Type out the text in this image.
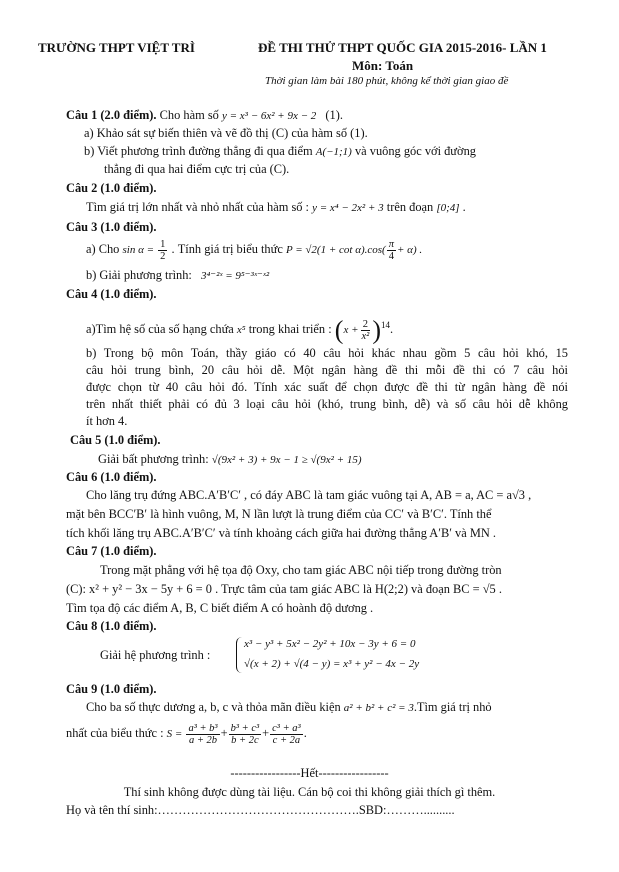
TRƯỜNG THPT VIỆT TRÌ	ĐỀ THI THỬ THPT QUỐC GIA 2015-2016- LẦN 1
Môn: Toán
Thời gian làm bài 180 phút, không kể thời gian giao đề
Câu 1 (2.0 điểm). Cho hàm số y = x³ − 6x² + 9x − 2 (1).
a) Khảo sát sự biến thiên và vẽ đồ thị (C) của hàm số (1).
b) Viết phương trình đường thẳng đi qua điểm A(−1;1) và vuông góc với đường
thẳng đi qua hai điểm cực trị của (C).
Câu 2 (1.0 điểm).
Tìm giá trị lớn nhất và nhỏ nhất của hàm số : y = x⁴ − 2x² + 3 trên đoạn [0;4] .
Câu 3 (1.0 điểm).
a) Cho $\sin \alpha = \frac{1}{2}$ . Tính giá trị biểu thức $P = √2(1 + \cot \alpha).\cos( \frac{\pi}{4} + \alpha)$ .
b) Giải phương trình: 3⁴⁻²ˣ = 9⁵⁻³ˣ⁻ˣ²
Câu 4 (1.0 điểm).
a)Tìm hệ số của số hạng chứa x⁵ trong khai triển : $(x + \frac{2}{\text{x²}} )^{14}$.
b) Trong bộ môn Toán, thầy giáo có 40 câu hỏi khác nhau gồm 5 câu hỏi khó, 15
câu hỏi trung bình, 20 câu hỏi dễ. Một ngân hàng đề thi mỗi đề thi có 7 câu hỏi
được chọn từ 40 câu hỏi đó. Tính xác suất để chọn được đề thi từ ngân hàng đề nói
trên nhất thiết phải có đủ 3 loại câu hỏi (khó, trung bình, dễ) và số câu hỏi dễ không
ít hơn 4.
Câu 5 (1.0 điểm).
Giải bất phương trình: √(9x² + 3) + 9x − 1 ≥ √(9x² + 15)
Câu 6 (1.0 điểm).
Cho lăng trụ đứng ABC.A′B′C′ , có đáy ABC là tam giác vuông tại A, AB = a, AC = a√3 ,
mặt bên BCC′B′ là hình vuông, M, N lần lượt là trung điểm của CC′ và B′C′. Tính thể
tích khối lăng trụ ABC.A′B′C′ và tính khoảng cách giữa hai đường thẳng A′B′ và MN .
Câu 7 (1.0 điểm).
Trong mặt phẳng với hệ tọa độ Oxy, cho tam giác ABC nội tiếp trong đường tròn
(C): x² + y² − 3x − 5y + 6 = 0 . Trực tâm của tam giác ABC là H(2;2) và đoạn BC = √5 .
Tìm tọa độ các điểm A, B, C biết điểm A có hoành độ dương .
Câu 8 (1.0 điểm).
Giải hệ phương trình :
x³ − y³ + 5x² − 2y² + 10x − 3y + 6 = 0
√(x + 2) + √(4 − y) = x³ + y² − 4x − 2y
Câu 9 (1.0 điểm).
Cho ba số thực dương a, b, c và thỏa mãn điều kiện a² + b² + c² = 3.Tìm giá trị nhỏ
nhất của biểu thức : $S = \frac{\text{a³ + b³}}{a + 2b} + \frac{\text{b³ + c³}}{b + 2c} + \frac{\text{c³ + a³}}{c + 2a}$ .
-----------------Hết-----------------
Thí sinh không được dùng tài liệu. Cán bộ coi thi không giải thích gì thêm.
Họ và tên thí sinh:………………………………………….SBD:………..........
